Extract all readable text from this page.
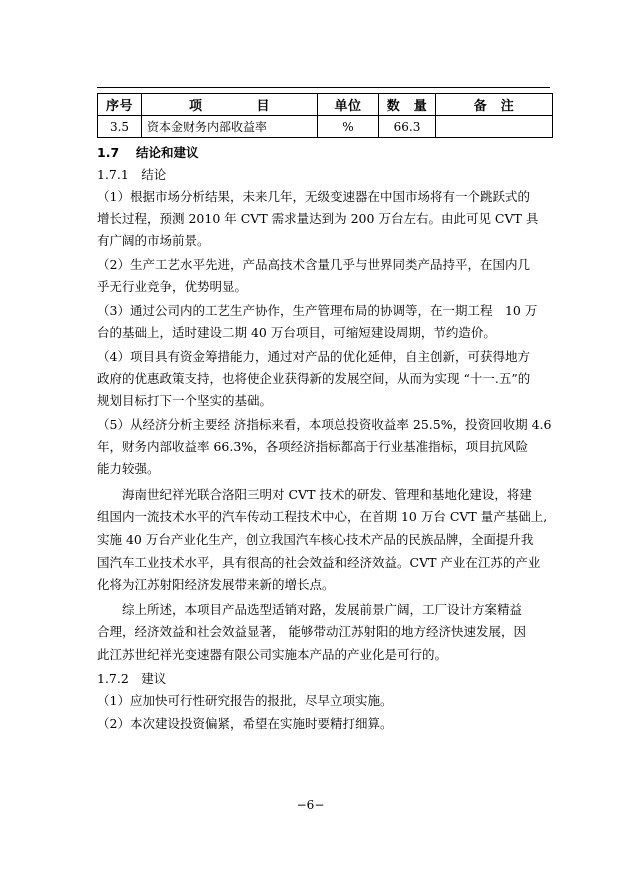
序号	项　　　　目	单位	数　量	备　注
3.5	资本金财务内部收益率	%	66.3	
1.7　 结论和建议
1.7.1　结论
（1）根据市场分析结果，未来几年，无级变速器在中国市场将有一个跳跃式的
增长过程，预测 2010 年 CVT 需求量达到为 200 万台左右。由此可见 CVT 具
有广阔的市场前景。
（2）生产工艺水平先进，产品高技术含量几乎与世界同类产品持平，在国内几
乎无行业竞争，优势明显。
（3）通过公司内的工艺生产协作，生产管理布局的协调等，在一期工程　10 万
台的基础上，适时建设二期 40 万台项目，可缩短建设周期，节约造价。
（4）项目具有资金筹措能力，通过对产品的优化延伸，自主创新，可获得地方
政府的优惠政策支持，也将使企业获得新的发展空间，从而为实现 “十一.五”的
规划目标打下一个坚实的基础。
（5）从经济分析主要经 济指标来看，本项总投资收益率 25.5%，投资回收期 4.6
年，财务内部收益率 66.3%，各项经济指标都高于行业基准指标，项目抗风险
能力较强。
　　海南世纪祥光联合洛阳三明对 CVT 技术的研发、管理和基地化建设，将建
组国内一流技术水平的汽车传动工程技术中心，在首期 10 万台 CVT 量产基础上,
实施 40 万台产业化生产，创立我国汽车核心技术产品的民族品牌，全面提升我
国汽车工业技术水平，具有很高的社会效益和经济效益。CVT 产业在江苏的产业
化将为江苏射阳经济发展带来新的增长点。
　　综上所述，本项目产品选型适销对路，发展前景广阔，工厂设计方案精益
合理，经济效益和社会效益显著， 能够带动江苏射阳的地方经济快速发展，因
此江苏世纪祥光变速器有限公司实施本产品的产业化是可行的。
1.7.2　建议
（1）应加快可行性研究报告的报批，尽早立项实施。
（2）本次建设投资偏紧，希望在实施时要精打细算。
−6−
